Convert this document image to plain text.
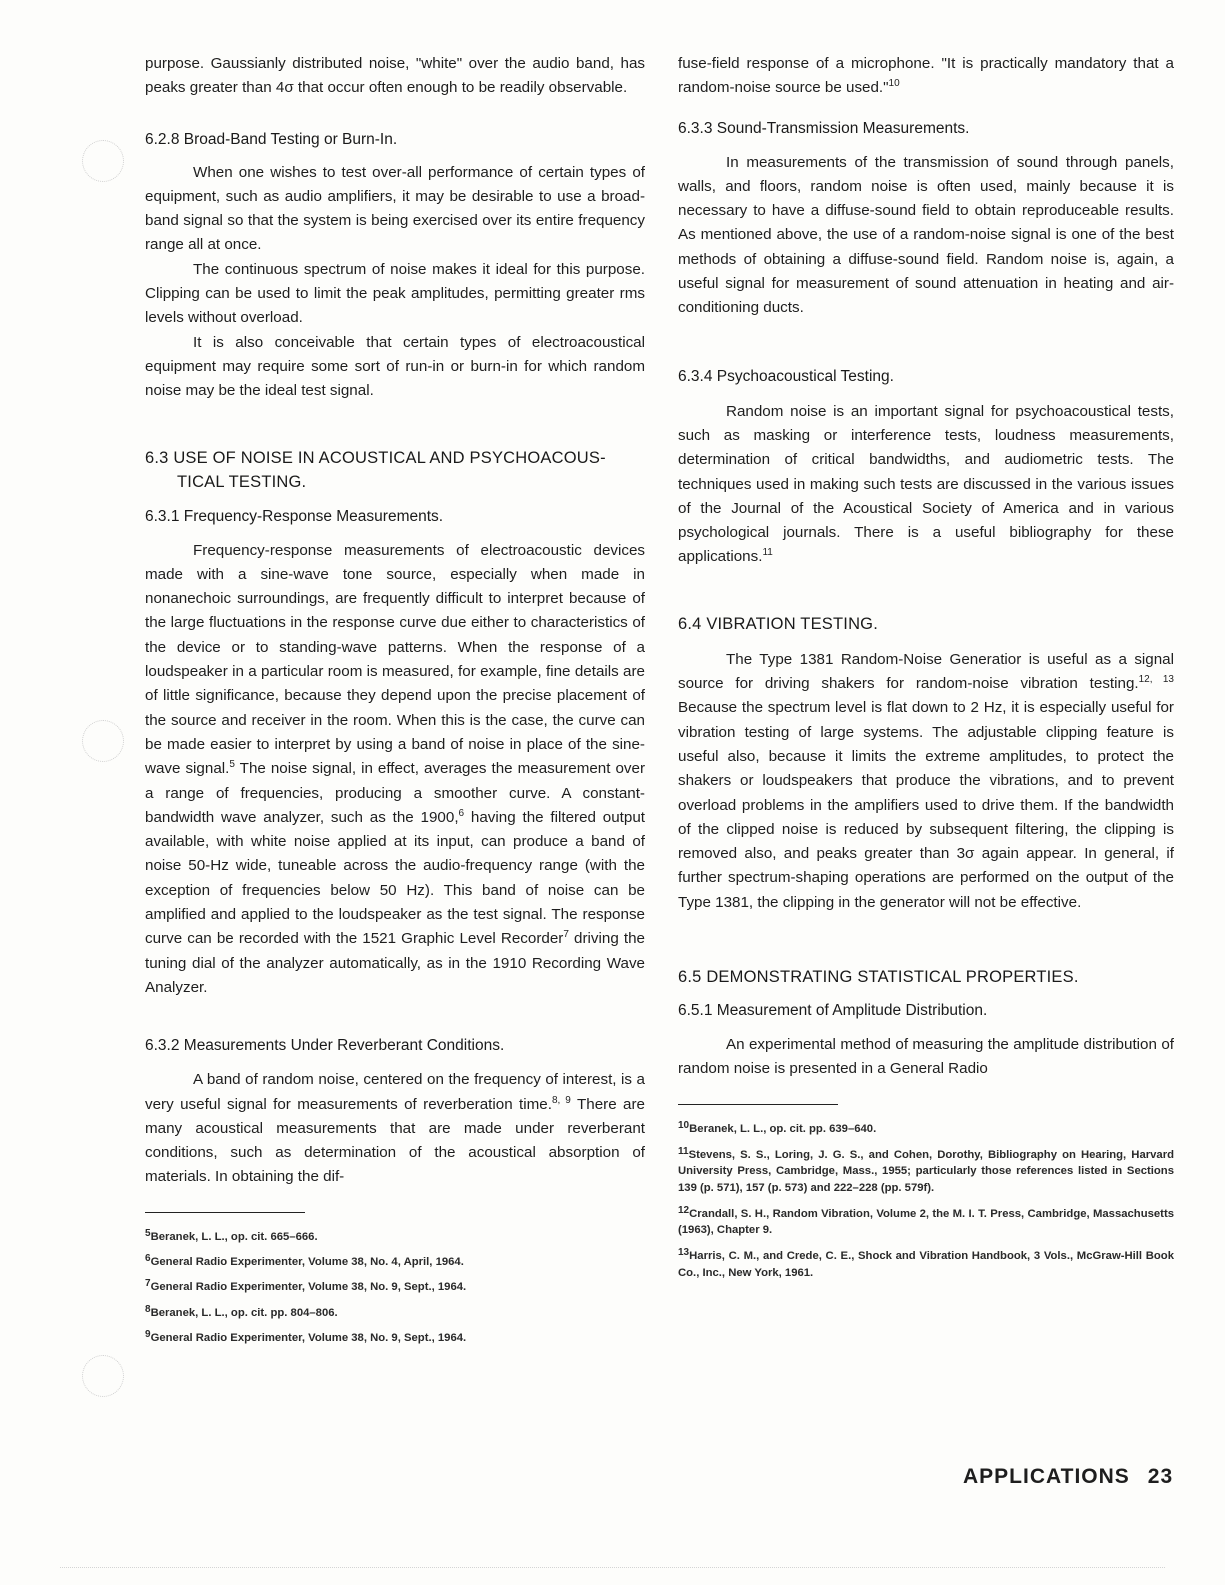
purpose. Gaussianly distributed noise, "white" over the audio band, has peaks greater than 4σ that occur often enough to be readily observable.

6.2.8 Broad-Band Testing or Burn-In.

When one wishes to test over-all performance of certain types of equipment, such as audio amplifiers, it may be desirable to use a broad-band signal so that the system is being exercised over its entire frequency range all at once.

The continuous spectrum of noise makes it ideal for this purpose. Clipping can be used to limit the peak amplitudes, permitting greater rms levels without overload.

It is also conceivable that certain types of electroacoustical equipment may require some sort of run-in or burn-in for which random noise may be the ideal test signal.

6.3 USE OF NOISE IN ACOUSTICAL AND PSYCHOACOUS-
TICAL TESTING.
6.3.1 Frequency-Response Measurements.

Frequency-response measurements of electroacoustic devices made with a sine-wave tone source, especially when made in nonanechoic surroundings, are frequently difficult to interpret because of the large fluctuations in the response curve due either to characteristics of the device or to standing-wave patterns. When the response of a loudspeaker in a particular room is measured, for example, fine details are of little significance, because they depend upon the precise placement of the source and receiver in the room. When this is the case, the curve can be made easier to interpret by using a band of noise in place of the sine-wave signal.$^5$ The noise signal, in effect, averages the measurement over a range of frequencies, producing a smoother curve. A constant-bandwidth wave analyzer, such as the 1900,$^6$ having the filtered output available, with white noise applied at its input, can produce a band of noise 50-Hz wide, tuneable across the audio-frequency range (with the exception of frequencies below 50 Hz). This band of noise can be amplified and applied to the loudspeaker as the test signal. The response curve can be recorded with the 1521 Graphic Level Recorder$^7$ driving the tuning dial of the analyzer automatically, as in the 1910 Recording Wave Analyzer.

6.3.2 Measurements Under Reverberant Conditions.

A band of random noise, centered on the frequency of interest, is a very useful signal for measurements of reverberation time.$^{8, 9}$ There are many acoustical measurements that are made under reverberant conditions, such as determination of the acoustical absorption of materials. In obtaining the dif-

$^5$Beranek, L. L., op. cit. 665–666.
$^6$General Radio Experimenter, Volume 38, No. 4, April, 1964.
$^7$General Radio Experimenter, Volume 38, No. 9, Sept., 1964.
$^8$Beranek, L. L., op. cit. pp. 804–806.
$^9$General Radio Experimenter, Volume 38, No. 9, Sept., 1964.

fuse-field response of a microphone. "It is practically mandatory that a random-noise source be used."$^{10}$

6.3.3 Sound-Transmission Measurements.

In measurements of the transmission of sound through panels, walls, and floors, random noise is often used, mainly because it is necessary to have a diffuse-sound field to obtain reproduceable results. As mentioned above, the use of a random-noise signal is one of the best methods of obtaining a diffuse-sound field. Random noise is, again, a useful signal for measurement of sound attenuation in heating and air-conditioning ducts.

6.3.4 Psychoacoustical Testing.

Random noise is an important signal for psychoacoustical tests, such as masking or interference tests, loudness measurements, determination of critical bandwidths, and audiometric tests. The techniques used in making such tests are discussed in the various issues of the Journal of the Acoustical Society of America and in various psychological journals. There is a useful bibliography for these applications.$^{11}$

6.4 VIBRATION TESTING.

The Type 1381 Random-Noise Generatior is useful as a signal source for driving shakers for random-noise vibration testing.$^{12, 13}$ Because the spectrum level is flat down to 2 Hz, it is especially useful for vibration testing of large systems. The adjustable clipping feature is useful also, because it limits the extreme amplitudes, to protect the shakers or loudspeakers that produce the vibrations, and to prevent overload problems in the amplifiers used to drive them. If the bandwidth of the clipped noise is reduced by subsequent filtering, the clipping is removed also, and peaks greater than 3σ again appear. In general, if further spectrum-shaping operations are performed on the output of the Type 1381, the clipping in the generator will not be effective.

6.5 DEMONSTRATING STATISTICAL PROPERTIES.
6.5.1 Measurement of Amplitude Distribution.

An experimental method of measuring the amplitude distribution of random noise is presented in a General Radio

$^{10}$Beranek, L. L., op. cit. pp. 639–640.
$^{11}$Stevens, S. S., Loring, J. G. S., and Cohen, Dorothy, Bibliography on Hearing, Harvard University Press, Cambridge, Mass., 1955; particularly those references listed in Sections 139 (p. 571), 157 (p. 573) and 222–228 (pp. 579f).
$^{12}$Crandall, S. H., Random Vibration, Volume 2, the M. I. T. Press, Cambridge, Massachusetts (1963), Chapter 9.
$^{13}$Harris, C. M., and Crede, C. E., Shock and Vibration Handbook, 3 Vols., McGraw-Hill Book Co., Inc., New York, 1961.
APPLICATIONS 23
